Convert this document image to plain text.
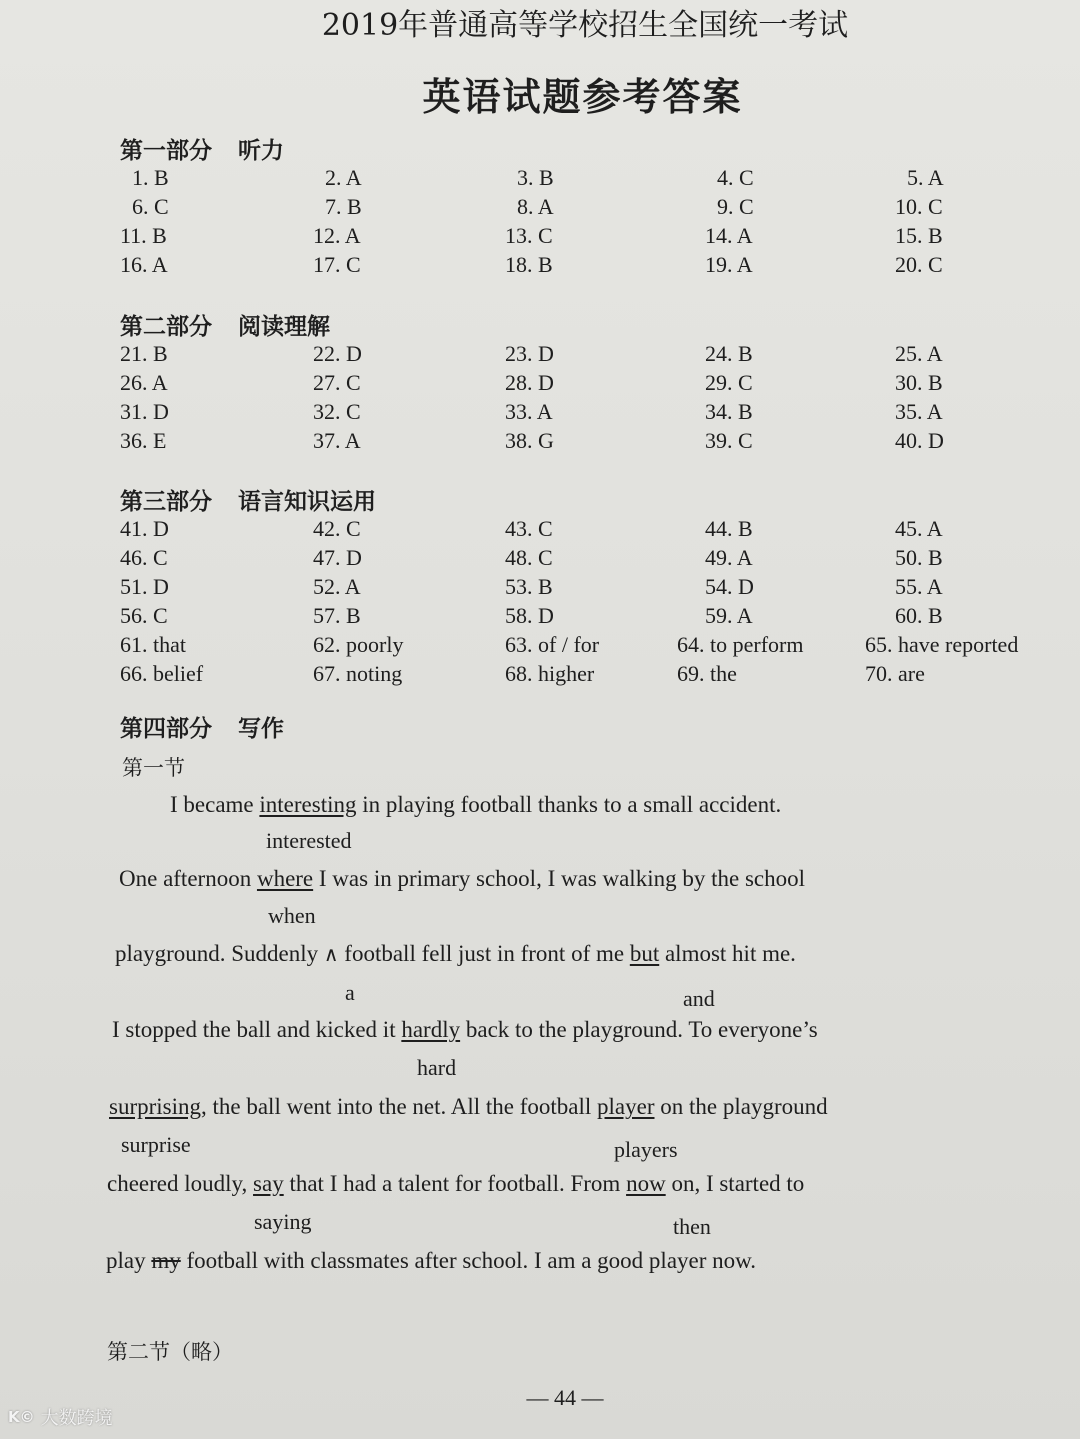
2019年普通高等学校招生全国统一考试
英语试题参考答案
第一部分 听力
1. B	2. A	3. B	4. C	5. A
6. C	7. B	8. A	9. C	10. C
11. B	12. A	13. C	14. A	15. B
16. A	17. C	18. B	19. A	20. C
第二部分 阅读理解
21. B	22. D	23. D	24. B	25. A
26. A	27. C	28. D	29. C	30. B
31. D	32. C	33. A	34. B	35. A
36. E	37. A	38. G	39. C	40. D
第三部分 语言知识运用
41. D	42. C	43. C	44. B	45. A
46. C	47. D	48. C	49. A	50. B
51. D	52. A	53. B	54. D	55. A
56. C	57. B	58. D	59. A	60. B
61. that	62. poorly	63. of / for	64. to perform	65. have reported
66. belief	67. noting	68. higher	69. the	70. are
第四部分 写作
第一节
I became interesting in playing football thanks to a small accident.
interested
One afternoon where I was in primary school, I was walking by the school
when
playground. Suddenly ∧ football fell just in front of me but almost hit me.
a	and
I stopped the ball and kicked it hardly back to the playground. To everyone’s
hard
surprising, the ball went into the net. All the football player on the playground
surprise	players
cheered loudly, say that I had a talent for football. From now on, I started to
saying	then
play my football with classmates after school. I am a good player now.
第二节（略）
— 44 —
K© 大数跨境
